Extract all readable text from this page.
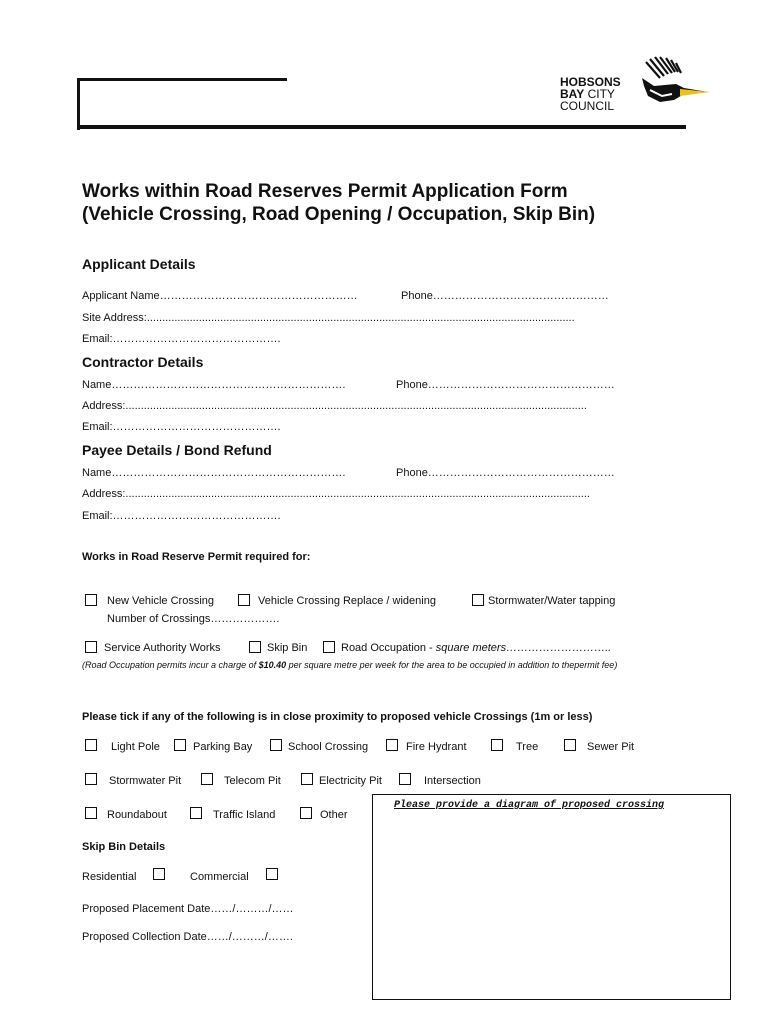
HOBSONS
BAY CITY
COUNCIL
Works within Road Reserves Permit Application Form
(Vehicle Crossing, Road Opening / Occupation, Skip Bin)
Applicant Details
Applicant Name………………………………………………	Phone…………………………………………
Site Address:............................................................................................................................................
Email:……………………………………….
Contractor Details
Name……………………………………………………….	Phone……………………………………………
Address:.......................................................................................................................................................
Email:……………………………………….
Payee Details / Bond Refund
Name……………………………………………………….	Phone……………………………………………
Address:........................................................................................................................................................
Email:……………………………………….
Works in Road Reserve Permit required for:
New Vehicle Crossing	Vehicle Crossing Replace / widening	Stormwater/Water tapping
Number of Crossings……………….
Service Authority Works	Skip Bin	Road Occupation - square meters………………………..
(Road Occupation permits incur a charge of $10.40 per square metre per week for the area to be occupied in addition to thepermit fee)
Please tick if any of the following is in close proximity to proposed vehicle Crossings (1m or less)
Light Pole	Parking Bay	School Crossing	Fire Hydrant	Tree	Sewer Pit
Stormwater Pit	Telecom Pit	Electricity Pit	Intersection
Roundabout	Traffic Island	Other
Skip Bin Details
Residential	Commercial
Proposed Placement Date……/………/……
Proposed Collection Date……/………/…….
Please provide a diagram of proposed crossing
